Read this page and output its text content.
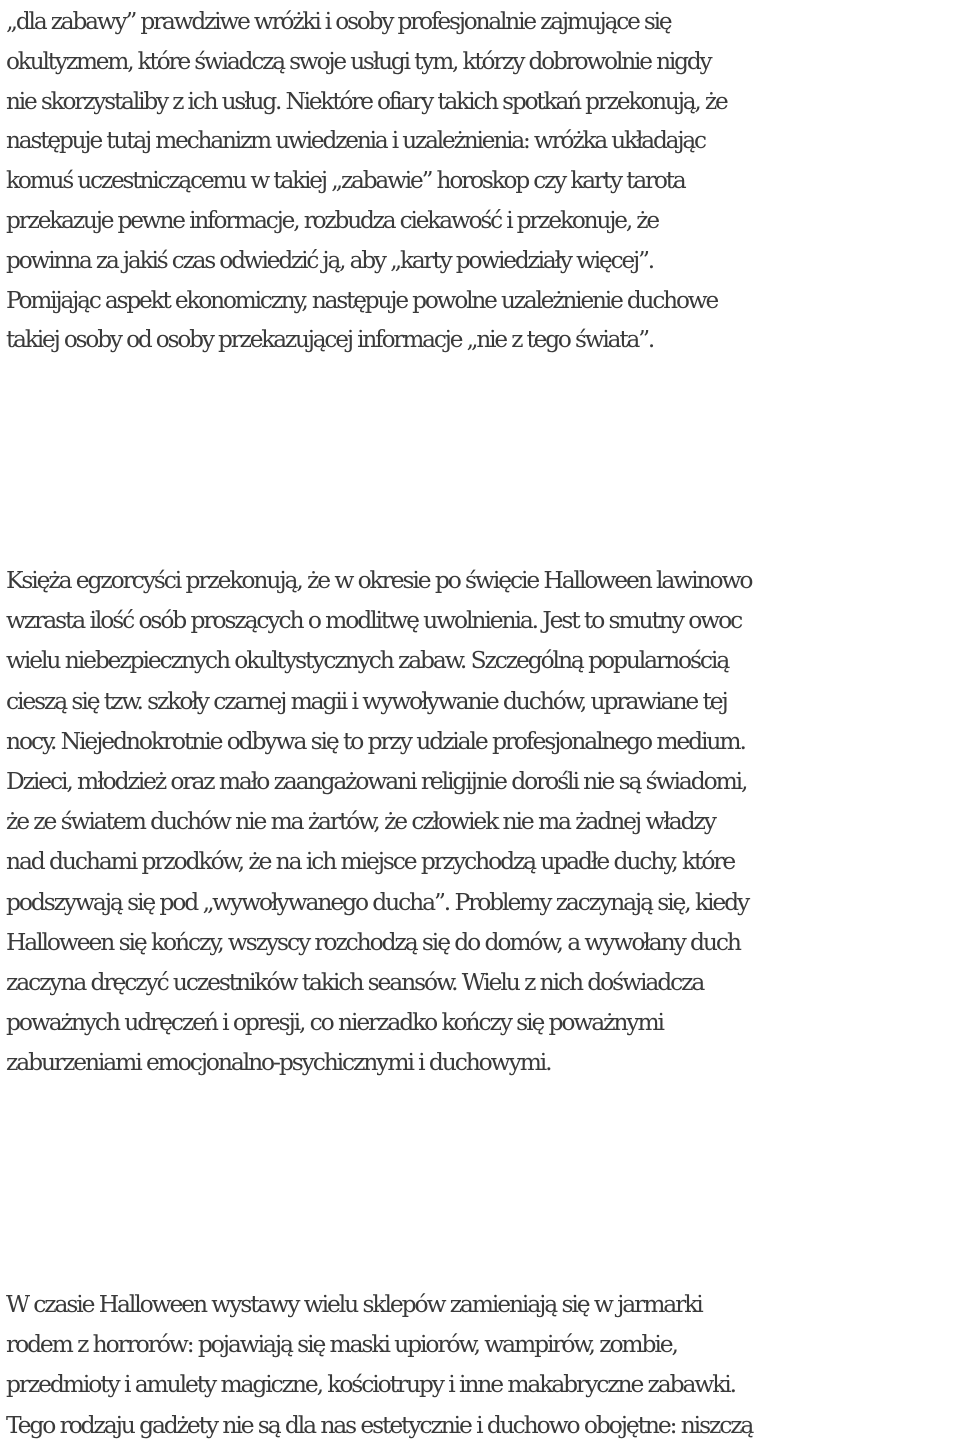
„dla zabawy” prawdziwe wróżki i osoby profesjonalnie zajmujące się
okultyzmem, które świadczą swoje usługi tym, którzy dobrowolnie nigdy
nie skorzystaliby z ich usług. Niektóre ofiary takich spotkań przekonują, że
następuje tutaj mechanizm uwiedzenia i uzależnienia: wróżka układając
komuś uczestniczącemu w takiej „zabawie” horoskop czy karty tarota
przekazuje pewne informacje, rozbudza ciekawość i przekonuje, że
powinna za jakiś czas odwiedzić ją, aby „karty powiedziały więcej”.
Pomijając aspekt ekonomiczny, następuje powolne uzależnienie duchowe
takiej osoby od osoby przekazującej informacje „nie z tego świata”.

Księża egzorcyści przekonują, że w okresie po święcie Halloween lawinowo
wzrasta ilość osób proszących o modlitwę uwolnienia. Jest to smutny owoc
wielu niebezpiecznych okultystycznych zabaw. Szczególną popularnością
cieszą się tzw. szkoły czarnej magii i wywoływanie duchów, uprawiane tej
nocy. Niejednokrotnie odbywa się to przy udziale profesjonalnego medium.
Dzieci, młodzież oraz mało zaangażowani religijnie dorośli nie są świadomi,
że ze światem duchów nie ma żartów, że człowiek nie ma żadnej władzy
nad duchami przodków, że na ich miejsce przychodzą upadłe duchy, które
podszywają się pod „wywoływanego ducha”. Problemy zaczynają się, kiedy
Halloween się kończy, wszyscy rozchodzą się do domów, a wywołany duch
zaczyna dręczyć uczestników takich seansów. Wielu z nich doświadcza
poważnych udręczeń i opresji, co nierzadko kończy się poważnymi
zaburzeniami emocjonalno-psychicznymi i duchowymi.

W czasie Halloween wystawy wielu sklepów zamieniają się w jarmarki
rodem z horrorów: pojawiają się maski upiorów, wampirów, zombie,
przedmioty i amulety magiczne, kościotrupy i inne makabryczne zabawki.
Tego rodzaju gadżety nie są dla nas estetycznie i duchowo obojętne: niszczą
